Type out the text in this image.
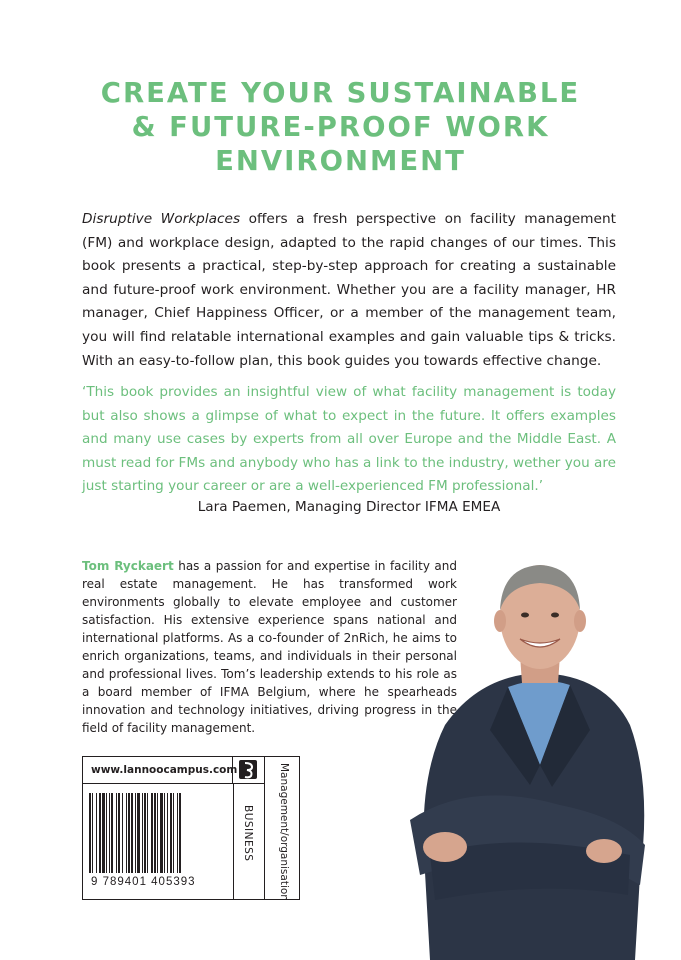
CREATE YOUR SUSTAINABLE
& FUTURE-PROOF WORK
ENVIRONMENT

Disruptive Workplaces offers a fresh perspective on facility management (FM) and workplace design, adapted to the rapid changes of our times. This book presents a practical, step-by-step approach for creating a sustainable and future-proof work environment. Whether you are a facility manager, HR manager, Chief Happiness Officer, or a member of the management team, you will find relatable international examples and gain valuable tips & tricks. With an easy-to-follow plan, this book guides you towards effective change.

‘This book provides an insightful view of what facility management is today but also shows a glimpse of what to expect in the future. It offers examples and many use cases by experts from all over Europe and the Middle East. A must read for FMs and anybody who has a link to the industry, wether you are just starting your career or are a well-experienced FM professional.’

Lara Paemen, Managing Director IFMA EMEA

Tom Ryckaert has a passion for and expertise in facility and real estate management. He has transformed work environments globally to elevate employee and customer satisfaction. His extensive experience spans national and international platforms. As a co-founder of 2nRich, he aims to enrich organizations, teams, and individuals in their personal and professional lives. Tom’s leadership extends to his role as a board member of IFMA Belgium, where he spearheads innovation and technology initiatives, driving progress in the field of facility management.

www.lannoocampus.com
9 789401 405393
BUSINESS Management/organisation
